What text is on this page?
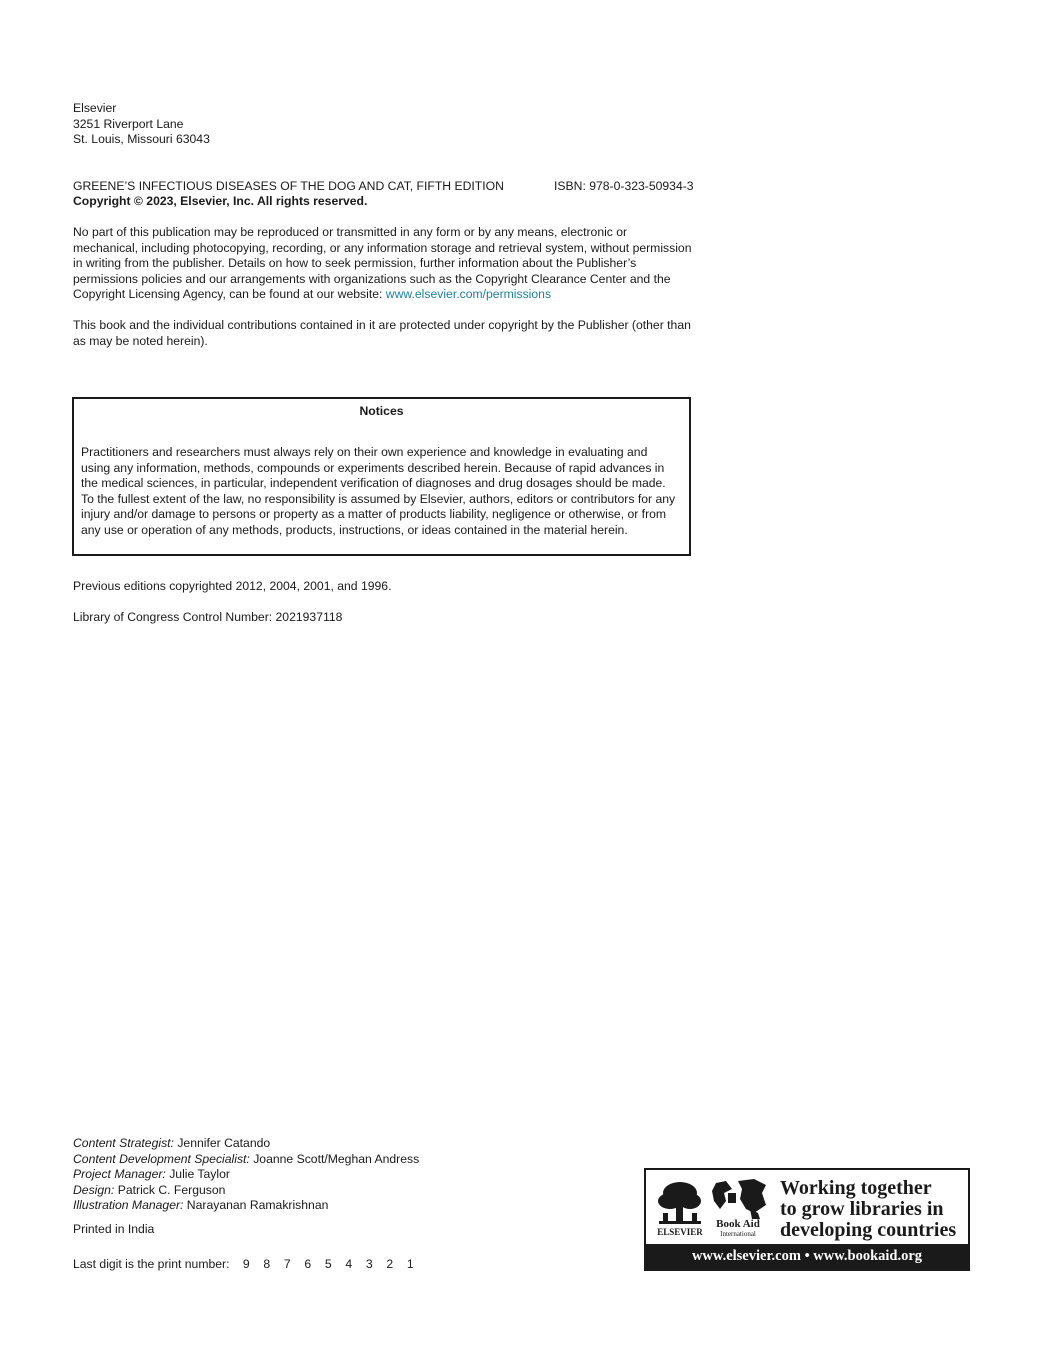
Elsevier
3251 Riverport Lane
St. Louis, Missouri 63043
GREENE’S INFECTIOUS DISEASES OF THE DOG AND CAT, FIFTH EDITION	ISBN: 978-0-323-50934-3
Copyright © 2023, Elsevier, Inc. All rights reserved.
No part of this publication may be reproduced or transmitted in any form or by any means, electronic or mechanical, including photocopying, recording, or any information storage and retrieval system, without permission in writing from the publisher. Details on how to seek permission, further information about the Publisher’s permissions policies and our arrangements with organizations such as the Copyright Clearance Center and the Copyright Licensing Agency, can be found at our website: www.elsevier.com/permissions
This book and the individual contributions contained in it are protected under copyright by the Publisher (other than as may be noted herein).
Notices
Practitioners and researchers must always rely on their own experience and knowledge in evaluating and using any information, methods, compounds or experiments described herein. Because of rapid advances in the medical sciences, in particular, independent verification of diagnoses and drug dosages should be made. To the fullest extent of the law, no responsibility is assumed by Elsevier, authors, editors or contributors for any injury and/or damage to persons or property as a matter of products liability, negligence or otherwise, or from any use or operation of any methods, products, instructions, or ideas contained in the material herein.
Previous editions copyrighted 2012, 2004, 2001, and 1996.
Library of Congress Control Number: 2021937118
Content Strategist: Jennifer Catando
Content Development Specialist: Joanne Scott/Meghan Andress
Project Manager: Julie Taylor
Design: Patrick C. Ferguson
Illustration Manager: Narayanan Ramakrishnan
Printed in India
Last digit is the print number: 9 8 7 6 5 4 3 2 1
ELSEVIER
Book Aid
International
Working together
to grow libraries in
developing countries
www.elsevier.com • www.bookaid.org
